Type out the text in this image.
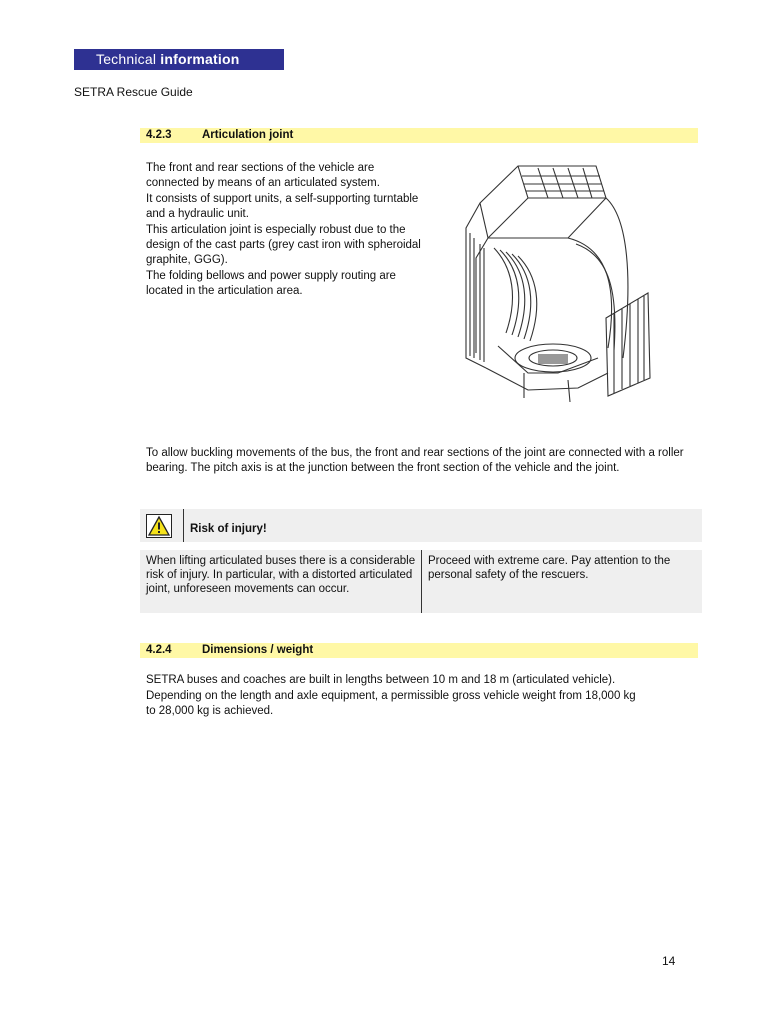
Technical information
SETRA Rescue Guide
4.2.3	Articulation joint

The front and rear sections of the vehicle are connected by means of an articulated system.

It consists of support units, a self-supporting turntable and a hydraulic unit.

This articulation joint is especially robust due to the design of the cast parts (grey cast iron with spheroidal graphite, GGG).

The folding bellows and power supply routing are located in the articulation area.

To allow buckling movements of the bus, the front and rear sections of the joint are connected with a roller bearing. The pitch axis is at the junction between the front section of the vehicle and the joint.
Risk of injury!
When lifting articulated buses there is a considerable risk of injury. In particular, with a distorted articulated joint, unforeseen movements can occur.
Proceed with extreme care. Pay attention to the personal safety of the rescuers.
4.2.4	Dimensions / weight

SETRA buses and coaches are built in lengths between 10 m and 18 m (articulated vehicle).

Depending on the length and axle equipment, a permissible gross vehicle weight from 18,000 kg to 28,000 kg is achieved.

14
